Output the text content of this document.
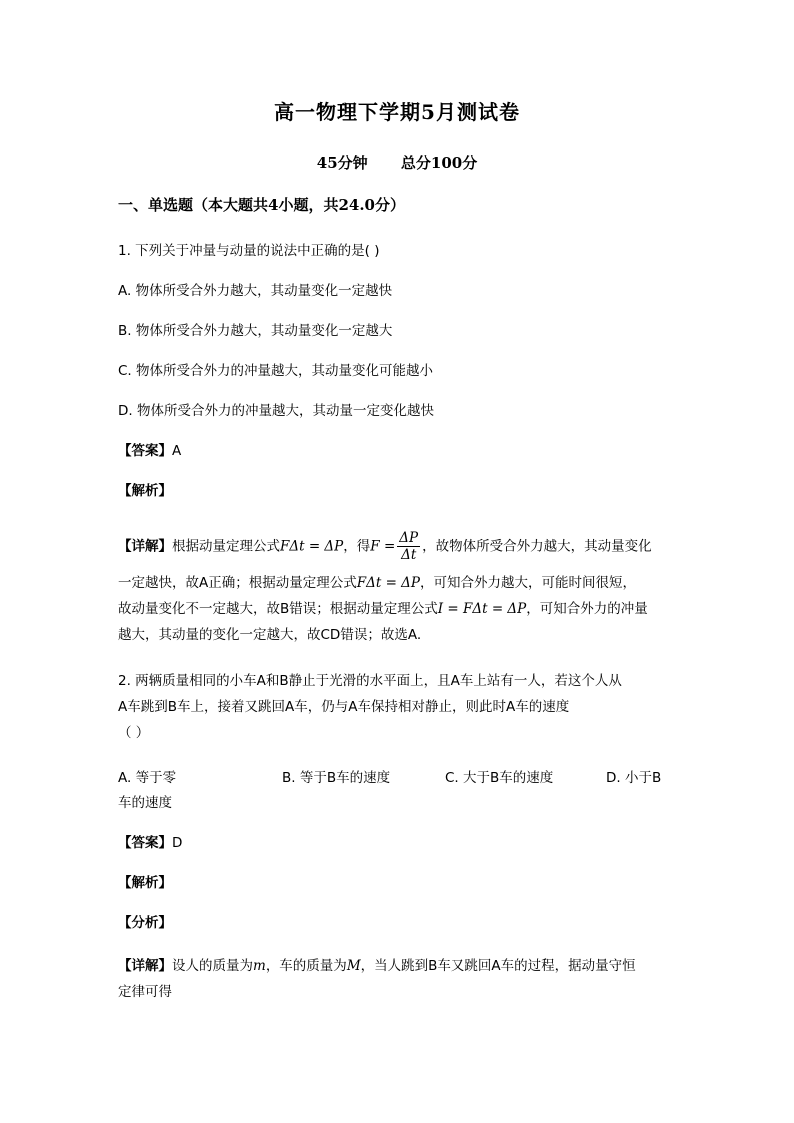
高一物理下学期5月测试卷
45分钟 总分100分
一、单选题（本大题共4小题，共24.0分）
1. 下列关于冲量与动量的说法中正确的是( )
A. 物体所受合外力越大，其动量变化一定越快
B. 物体所受合外力越大，其动量变化一定越大
C. 物体所受合外力的冲量越大，其动量变化可能越小
D. 物体所受合外力的冲量越大，其动量一定变化越快
【答案】A
【解析】
【详解】根据动量定理公式FΔt = ΔP，得$F = \frac{\Delta P}{\Delta t}$ ，故物体所受合外力越大，其动量变化
一定越快，故A正确；根据动量定理公式FΔt = ΔP，可知合外力越大，可能时间很短，
故动量变化不一定越大，故B错误；根据动量定理公式I = FΔt = ΔP，可知合外力的冲量
越大，其动量的变化一定越大，故CD错误；故选A.
2. 两辆质量相同的小车A和B静止于光滑的水平面上，且A车上站有一人，若这个人从
A车跳到B车上，接着又跳回A车，仍与A车保持相对静止，则此时A车的速度
（ ）
A. 等于零	B. 等于B车的速度	C. 大于B车的速度	D. 小于B
车的速度
【答案】D
【解析】
【分析】
【详解】设人的质量为m，车的质量为M，当人跳到B车又跳回A车的过程，据动量守恒
定律可得
